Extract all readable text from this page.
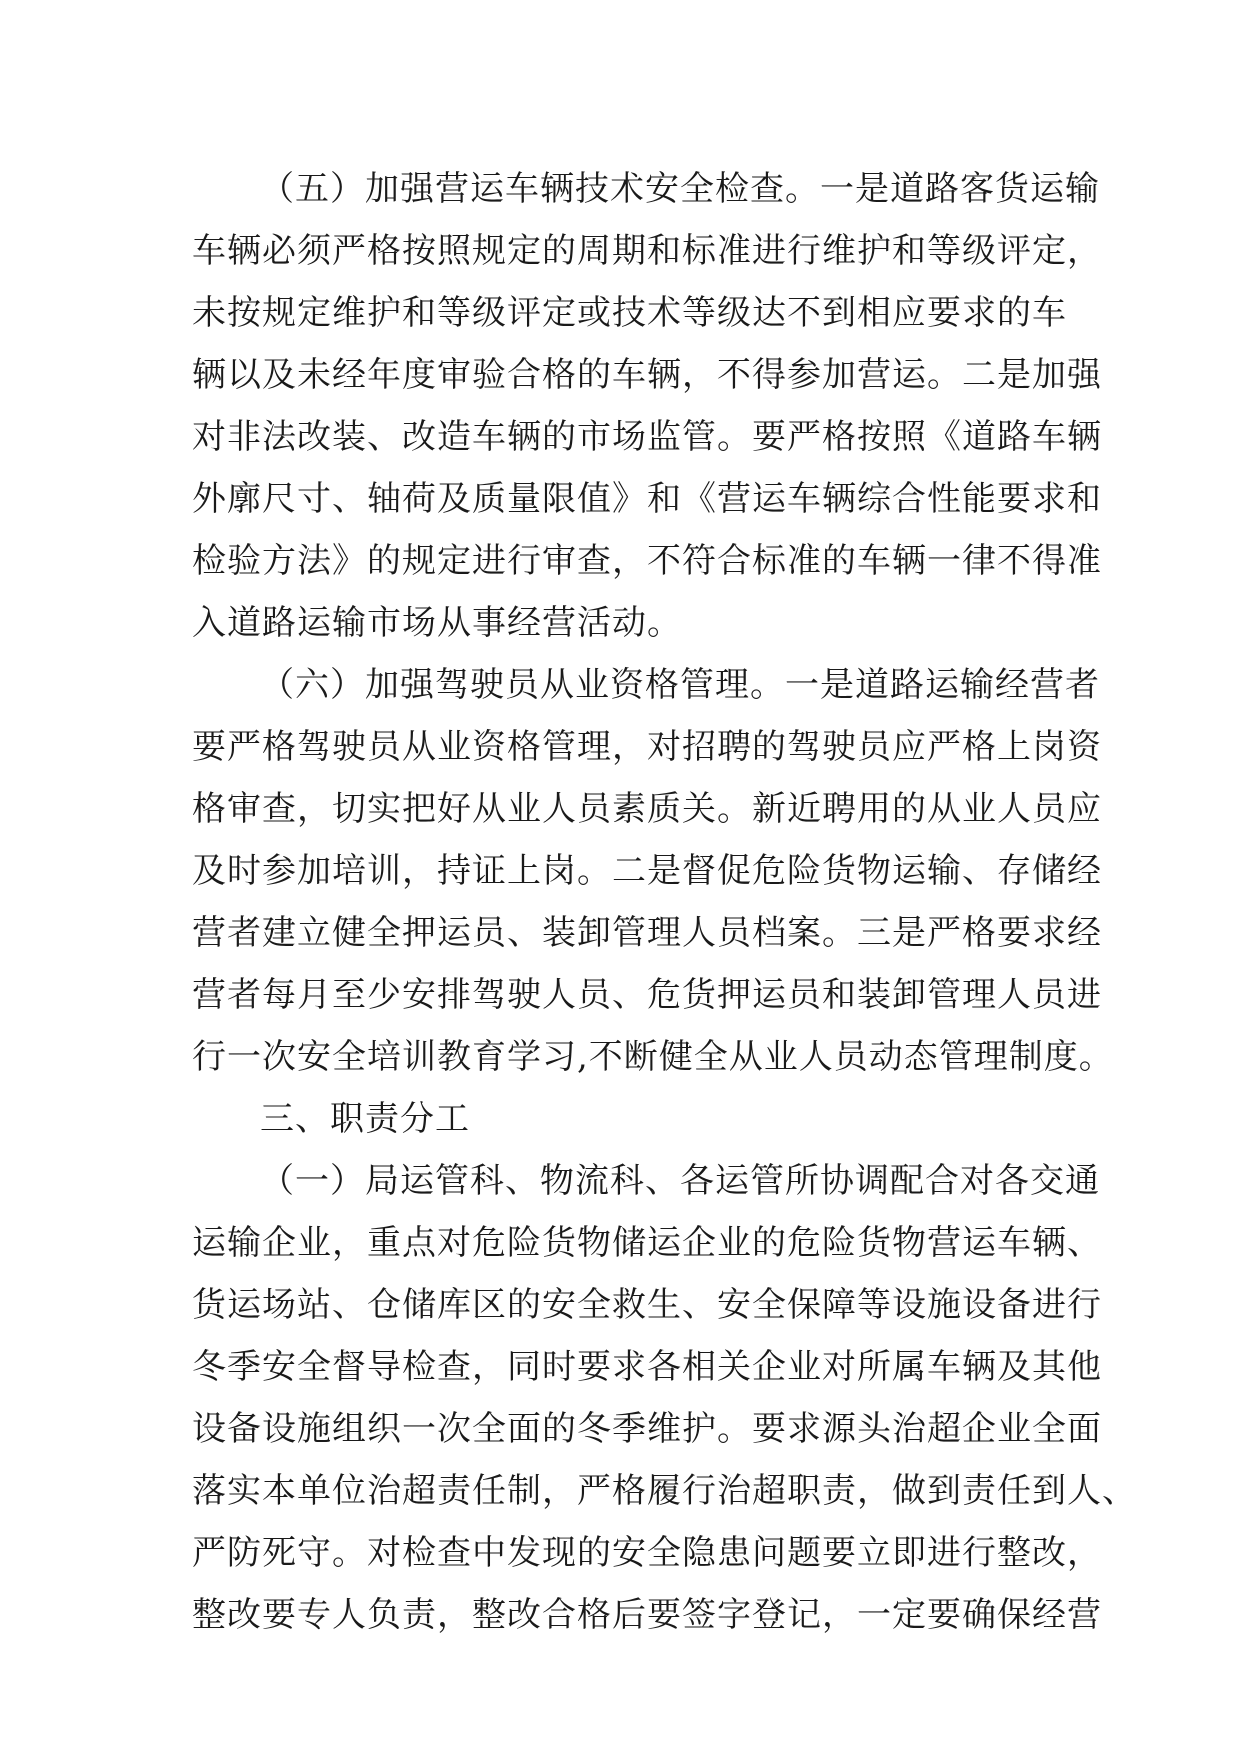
（五）加强营运车辆技术安全检查。一是道路客货运输
车辆必须严格按照规定的周期和标准进行维护和等级评定，
未按规定维护和等级评定或技术等级达不到相应要求的车
辆以及未经年度审验合格的车辆，不得参加营运。二是加强
对非法改装、改造车辆的市场监管。要严格按照《道路车辆
外廓尺寸、轴荷及质量限值》和《营运车辆综合性能要求和
检验方法》的规定进行审查，不符合标准的车辆一律不得准
入道路运输市场从事经营活动。
（六）加强驾驶员从业资格管理。一是道路运输经营者
要严格驾驶员从业资格管理，对招聘的驾驶员应严格上岗资
格审查，切实把好从业人员素质关。新近聘用的从业人员应
及时参加培训，持证上岗。二是督促危险货物运输、存储经
营者建立健全押运员、装卸管理人员档案。三是严格要求经
营者每月至少安排驾驶人员、危货押运员和装卸管理人员进
行一次安全培训教育学习,不断健全从业人员动态管理制度。
三、职责分工
（一）局运管科、物流科、各运管所协调配合对各交通
运输企业，重点对危险货物储运企业的危险货物营运车辆、
货运场站、仓储库区的安全救生、安全保障等设施设备进行
冬季安全督导检查，同时要求各相关企业对所属车辆及其他
设备设施组织一次全面的冬季维护。要求源头治超企业全面
落实本单位治超责任制，严格履行治超职责，做到责任到人、
严防死守。对检查中发现的安全隐患问题要立即进行整改，
整改要专人负责，整改合格后要签字登记，一定要确保经营
